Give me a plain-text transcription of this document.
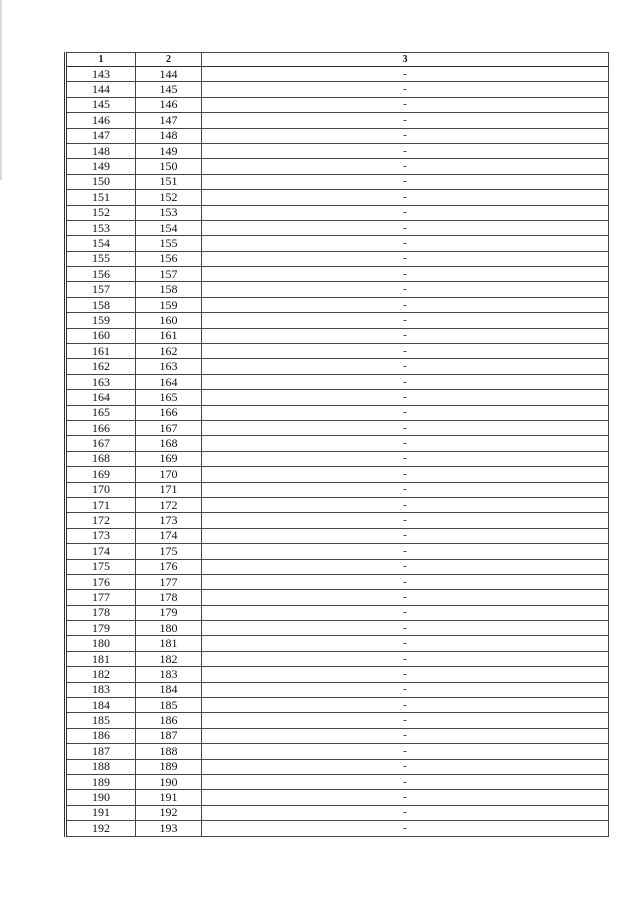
1	2	3
143	144	-
144	145	-
145	146	-
146	147	-
147	148	-
148	149	-
149	150	-
150	151	-
151	152	-
152	153	-
153	154	-
154	155	-
155	156	-
156	157	-
157	158	-
158	159	-
159	160	-
160	161	-
161	162	-
162	163	-
163	164	-
164	165	-
165	166	-
166	167	-
167	168	-
168	169	-
169	170	-
170	171	-
171	172	-
172	173	-
173	174	-
174	175	-
175	176	-
176	177	-
177	178	-
178	179	-
179	180	-
180	181	-
181	182	-
182	183	-
183	184	-
184	185	-
185	186	-
186	187	-
187	188	-
188	189	-
189	190	-
190	191	-
191	192	-
192	193	-
